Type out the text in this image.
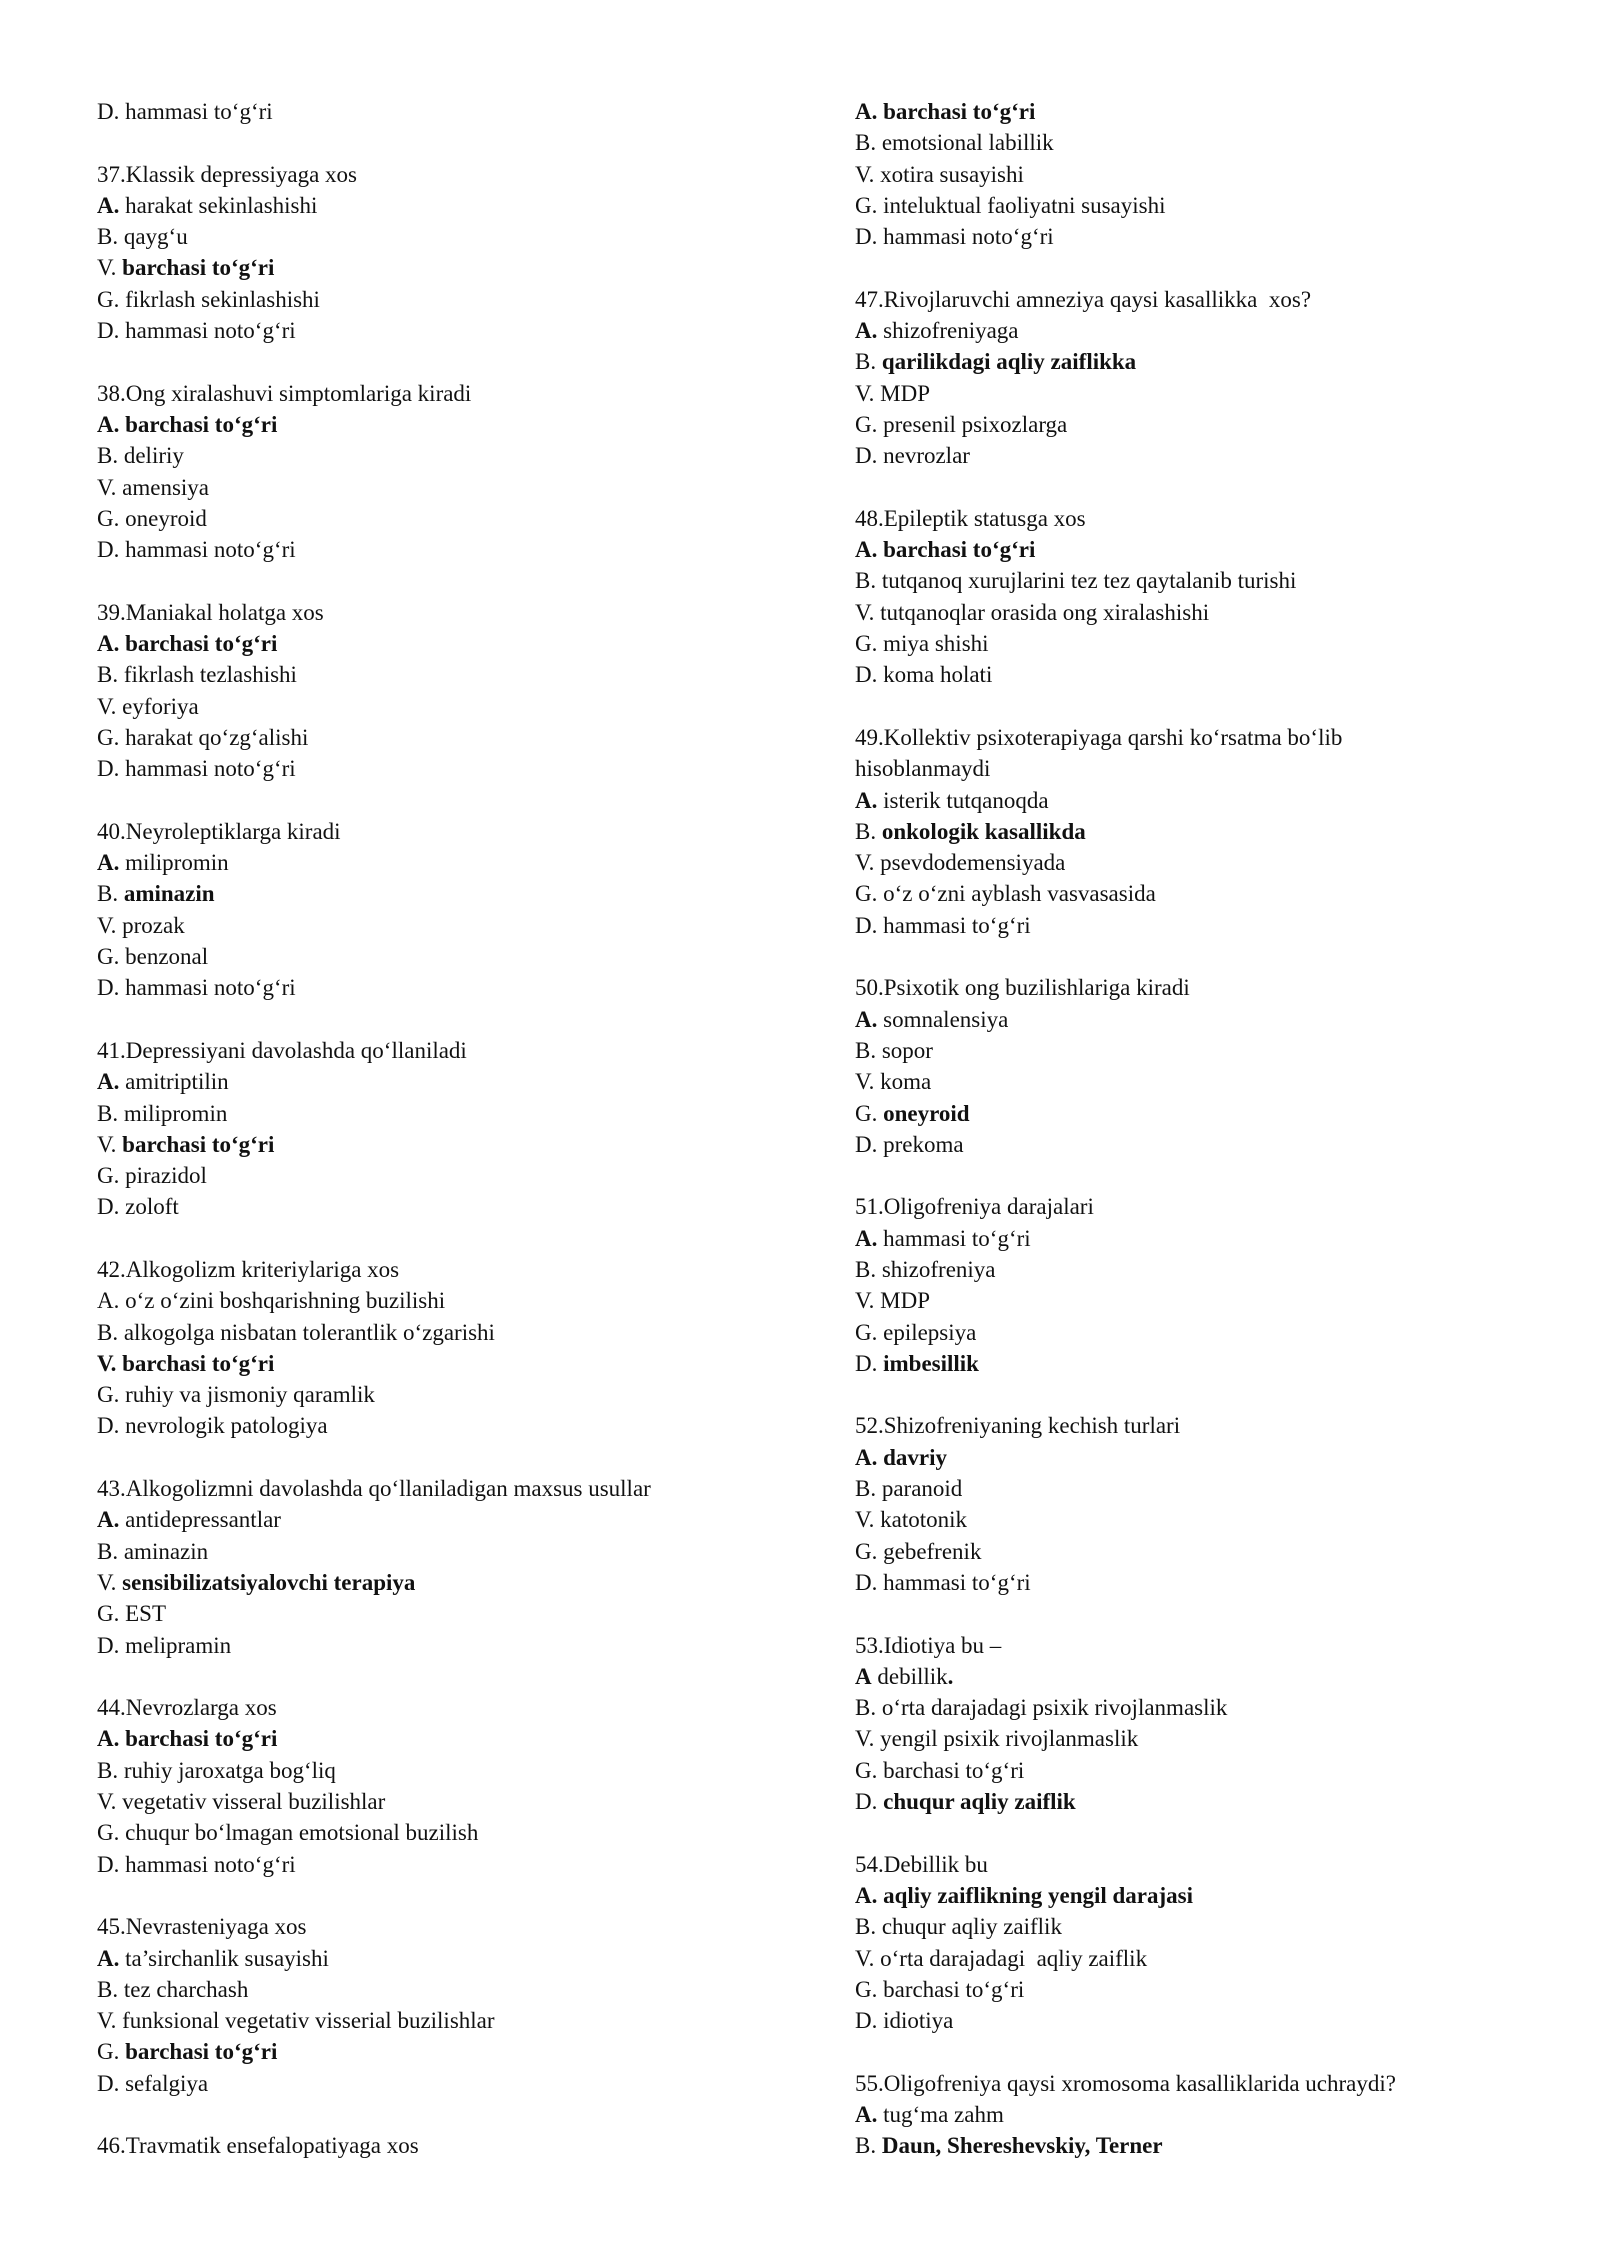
D. hammasi to‘g‘ri
37.Klassik depressiyaga xos
A. harakat sekinlashishi
B. qayg‘u
V. barchasi to‘g‘ri
G. fikrlash sekinlashishi
D. hammasi noto‘g‘ri
38.Ong xiralashuvi simptomlariga kiradi
A. barchasi to‘g‘ri
B. deliriy
V. amensiya
G. oneyroid
D. hammasi noto‘g‘ri
39.Maniakal holatga xos
A. barchasi to‘g‘ri
B. fikrlash tezlashishi
V. eyforiya
G. harakat qo‘zg‘alishi
D. hammasi noto‘g‘ri
40.Neyroleptiklarga kiradi
A. milipromin
B. aminazin
V. prozak
G. benzonal
D. hammasi noto‘g‘ri
41.Depressiyani davolashda qo‘llaniladi
A. amitriptilin
B. milipromin
V. barchasi to‘g‘ri
G. pirazidol
D. zoloft
42.Alkogolizm kriteriylariga xos
A. o‘z o‘zini boshqarishning buzilishi
B. alkogolga nisbatan tolerantlik o‘zgarishi
V. barchasi to‘g‘ri
G. ruhiy va jismoniy qaramlik
D. nevrologik patologiya
43.Alkogolizmni davolashda qo‘llaniladigan maxsus usullar
A. antidepressantlar
B. aminazin
V. sensibilizatsiyalovchi terapiya
G. EST
D. melipramin
44.Nevrozlarga xos
A. barchasi to‘g‘ri
B. ruhiy jaroxatga bog‘liq
V. vegetativ visseral buzilishlar
G. chuqur bo‘lmagan emotsional buzilish
D. hammasi noto‘g‘ri
45.Nevrasteniyaga xos
A. ta’sirchanlik susayishi
B. tez charchash
V. funksional vegetativ visserial buzilishlar
G. barchasi to‘g‘ri
D. sefalgiya
46.Travmatik ensefalopatiyaga xos
A. barchasi to‘g‘ri
B. emotsional labillik
V. xotira susayishi
G. inteluktual faoliyatni susayishi
D. hammasi noto‘g‘ri
47.Rivojlaruvchi amneziya qaysi kasallikka  xos?
A. shizofreniyaga
B. qarilikdagi aqliy zaiflikka
V. MDP
G. presenil psixozlarga
D. nevrozlar
48.Epileptik statusga xos
A. barchasi to‘g‘ri
B. tutqanoq xurujlarini tez tez qaytalanib turishi
V. tutqanoqlar orasida ong xiralashishi
G. miya shishi
D. koma holati
49.Kollektiv psixoterapiyaga qarshi ko‘rsatma bo‘lib
hisoblanmaydi
A. isterik tutqanoqda
B. onkologik kasallikda
V. psevdodemensiyada
G. o‘z o‘zni ayblash vasvasasida
D. hammasi to‘g‘ri
50.Psixotik ong buzilishlariga kiradi
A. somnalensiya
B. sopor
V. koma
G. oneyroid
D. prekoma
51.Oligofreniya darajalari
A. hammasi to‘g‘ri
B. shizofreniya
V. MDP
G. epilepsiya
D. imbesillik
52.Shizofreniyaning kechish turlari
A. davriy
B. paranoid
V. katotonik
G. gebefrenik
D. hammasi to‘g‘ri
53.Idiotiya bu –
A debillik.
B. o‘rta darajadagi psixik rivojlanmaslik
V. yengil psixik rivojlanmaslik
G. barchasi to‘g‘ri
D. chuqur aqliy zaiflik
54.Debillik bu
A. aqliy zaiflikning yengil darajasi
B. chuqur aqliy zaiflik
V. o‘rta darajadagi  aqliy zaiflik
G. barchasi to‘g‘ri
D. idiotiya
55.Oligofreniya qaysi xromosoma kasalliklarida uchraydi?
A. tug‘ma zahm
B. Daun, Shereshevskiy, Terner
